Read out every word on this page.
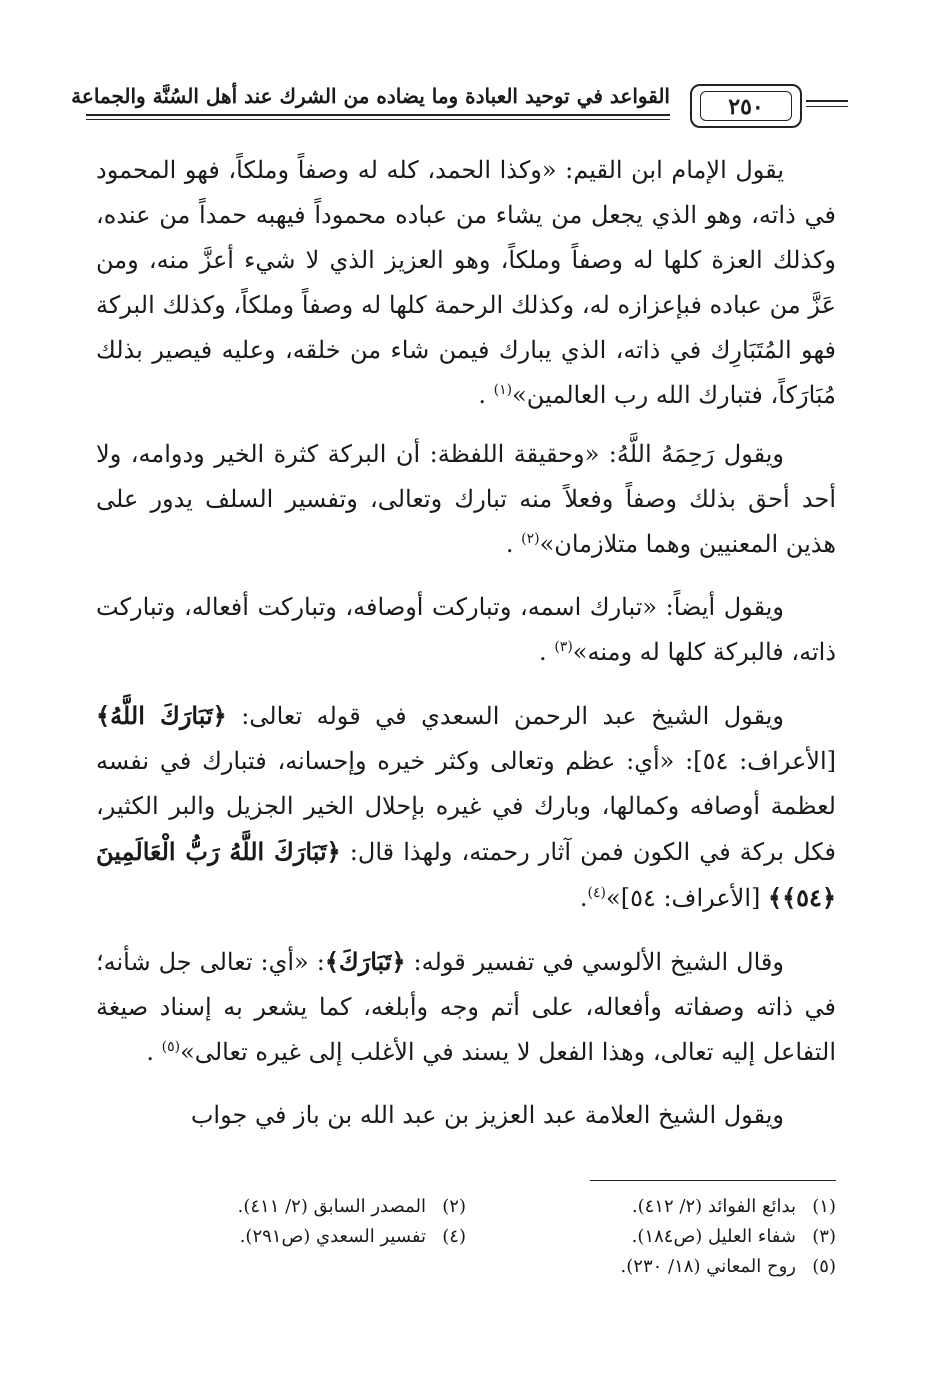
القواعد في توحيد العبادة وما يضاده من الشرك عند أهل السُنَّة والجماعة	٢٥٠

يقول الإمام ابن القيم: «وكذا الحمد، كله له وصفاً وملكاً، فهو المحمود في ذاته، وهو الذي يجعل من يشاء من عباده محموداً فيهبه حمداً من عنده، وكذلك العزة كلها له وصفاً وملكاً، وهو العزيز الذي لا شيء أعزَّ منه، ومن عَزَّ من عباده فبإعزازه له، وكذلك الرحمة كلها له وصفاً وملكاً، وكذلك البركة فهو المُتَبَارِك في ذاته، الذي يبارك فيمن شاء من خلقه، وعليه فيصير بذلك مُبَارَكاً، فتبارك الله رب العالمين»$^{(١)}$ .

ويقول رَحِمَهُ اللَّهُ: «وحقيقة اللفظة: أن البركة كثرة الخير ودوامه، ولا أحد أحق بذلك وصفاً وفعلاً منه تبارك وتعالى، وتفسير السلف يدور على هذين المعنيين وهما متلازمان»$^{(٢)}$ .

ويقول أيضاً: «تبارك اسمه، وتباركت أوصافه، وتباركت أفعاله، وتباركت ذاته، فالبركة كلها له ومنه»$^{(٣)}$ .

ويقول الشيخ عبد الرحمن السعدي في قوله تعالى: ﴿تَبَارَكَ اللَّهُ﴾ [الأعراف: ٥٤]: «أي: عظم وتعالى وكثر خيره وإحسانه، فتبارك في نفسه لعظمة أوصافه وكمالها، وبارك في غيره بإحلال الخير الجزيل والبر الكثير، فكل بركة في الكون فمن آثار رحمته، ولهذا قال: ﴿تَبَارَكَ اللَّهُ رَبُّ الْعَالَمِينَ ﴿٥٤﴾﴾ [الأعراف: ٥٤]»$^{(٤)}$.

وقال الشيخ الألوسي في تفسير قوله: ﴿تَبَارَكَ﴾: «أي: تعالى جل شأنه؛ في ذاته وصفاته وأفعاله، على أتم وجه وأبلغه، كما يشعر به إسناد صيغة التفاعل إليه تعالى، وهذا الفعل لا يسند في الأغلب إلى غيره تعالى»$^{(٥)}$ .

ويقول الشيخ العلامة عبد العزيز بن عبد الله بن باز في جواب

(١)بدائع الفوائد (٢/ ٤١٢).
(٢)المصدر السابق (٢/ ٤١١).
(٣)شفاء العليل (ص١٨٤).
(٤)تفسير السعدي (ص٢٩١).
(٥)روح المعاني (١٨/ ٢٣٠).
